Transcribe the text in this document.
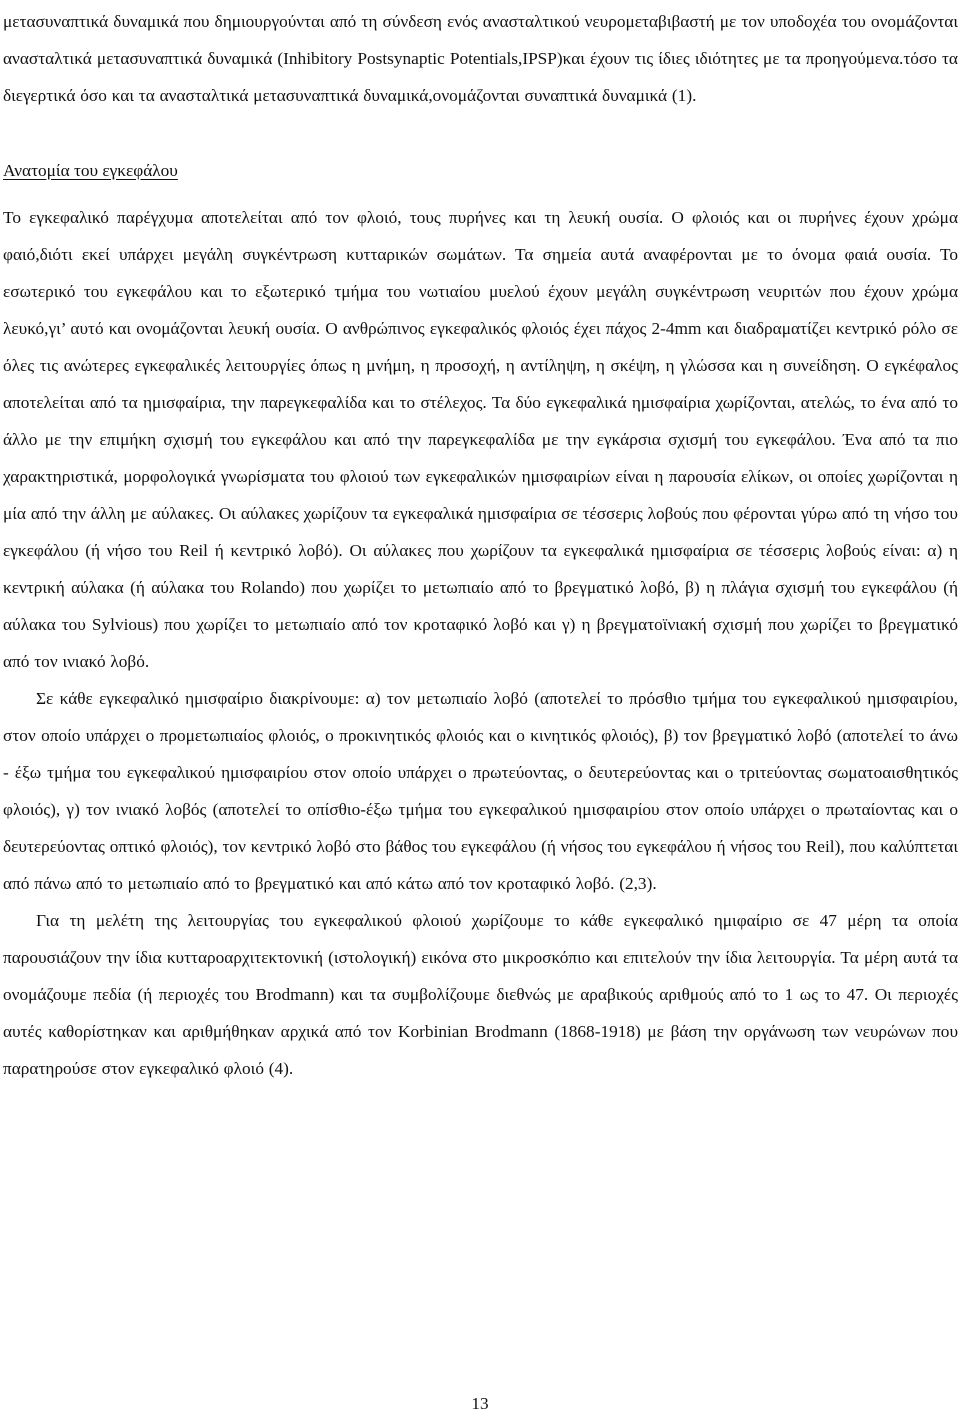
μετασυναπτικά δυναμικά που δημιουργούνται από τη σύνδεση ενός ανασταλτικού νευρομεταβιβαστή με τον υποδοχέα του ονομάζονται ανασταλτικά μετασυναπτικά δυναμικά (Inhibitory Postsynaptic Potentials,IPSP)και έχουν τις ίδιες ιδιότητες με τα προηγούμενα.τόσο τα διεγερτικά όσο και τα ανασταλτικά μετασυναπτικά δυναμικά,ονομάζονται συναπτικά δυναμικά (1).

Ανατομία του εγκεφάλου

Το εγκεφαλικό παρέγχυμα αποτελείται από τον φλοιό, τους πυρήνες και τη λευκή ουσία. Ο φλοιός και οι πυρήνες έχουν χρώμα φαιό,διότι εκεί υπάρχει μεγάλη συγκέντρωση κυτταρικών σωμάτων. Τα σημεία αυτά αναφέρονται με το όνομα φαιά ουσία. Το εσωτερικό του εγκεφάλου και το εξωτερικό τμήμα του νωτιαίου μυελού έχουν μεγάλη συγκέντρωση νευριτών που έχουν χρώμα λευκό,γι’ αυτό και ονομάζονται λευκή ουσία. Ο ανθρώπινος εγκεφαλικός φλοιός έχει πάχος 2-4mm και διαδραματίζει κεντρικό ρόλο σε όλες τις ανώτερες εγκεφαλικές λειτουργίες όπως η μνήμη, η προσοχή, η αντίληψη, η σκέψη, η γλώσσα και η συνείδηση. Ο εγκέφαλος αποτελείται από τα ημισφαίρια, την παρεγκεφαλίδα και το στέλεχος. Τα δύο εγκεφαλικά ημισφαίρια χωρίζονται, ατελώς, το ένα από το άλλο με την επιμήκη σχισμή του εγκεφάλου και από την παρεγκεφαλίδα με την εγκάρσια σχισμή του εγκεφάλου. Ένα από τα πιο χαρακτηριστικά, μορφολογικά γνωρίσματα του φλοιού των εγκεφαλικών ημισφαιρίων είναι η παρουσία ελίκων, οι οποίες χωρίζονται η μία από την άλλη με αύλακες. Οι αύλακες χωρίζουν τα εγκεφαλικά ημισφαίρια σε τέσσερις λοβούς που φέρονται γύρω από τη νήσο του εγκεφάλου (ή νήσο του Reil ή κεντρικό λοβό). Οι αύλακες που χωρίζουν τα εγκεφαλικά ημισφαίρια σε τέσσερις λοβούς είναι: α) η κεντρική αύλακα (ή αύλακα του Rolando) που χωρίζει το μετωπιαίο από το βρεγματικό λοβό, β) η πλάγια σχισμή του εγκεφάλου (ή αύλακα του Sylvious) που χωρίζει το μετωπιαίο από τον κροταφικό λοβό και γ) η βρεγματοϊνιακή σχισμή που χωρίζει το βρεγματικό από τον ινιακό λοβό.

Σε κάθε εγκεφαλικό ημισφαίριο διακρίνουμε: α) τον μετωπιαίο λοβό (αποτελεί το πρόσθιο τμήμα του εγκεφαλικού ημισφαιρίου, στον οποίο υπάρχει ο προμετωπιαίος φλοιός, ο προκινητικός φλοιός και ο κινητικός φλοιός), β) τον βρεγματικό λοβό (αποτελεί το άνω - έξω τμήμα του εγκεφαλικού ημισφαιρίου στον οποίο υπάρχει ο πρωτεύοντας, ο δευτερεύοντας και ο τριτεύοντας σωματοαισθητικός φλοιός), γ) τον ινιακό λοβός (αποτελεί το οπίσθιο-έξω τμήμα του εγκεφαλικού ημισφαιρίου στον οποίο υπάρχει ο πρωταίοντας και ο δευτερεύοντας οπτικό φλοιός), τον κεντρικό λοβό στο βάθος του εγκεφάλου (ή νήσος του εγκεφάλου ή νήσος του Reil), που καλύπτεται από πάνω από το μετωπιαίο από το βρεγματικό και από κάτω από τον κροταφικό λοβό. (2,3).

Για τη μελέτη της λειτουργίας του εγκεφαλικού φλοιού χωρίζουμε το κάθε εγκεφαλικό ημιφαίριο σε 47 μέρη τα οποία παρουσιάζουν την ίδια κυτταροαρχιτεκτονική (ιστολογική) εικόνα στο μικροσκόπιο και επιτελούν την ίδια λειτουργία. Τα μέρη αυτά τα ονομάζουμε πεδία (ή περιοχές του Brodmann) και τα συμβολίζουμε διεθνώς με αραβικούς αριθμούς από το 1 ως το 47. Οι περιοχές αυτές καθορίστηκαν και αριθμήθηκαν αρχικά από τον Korbinian Brodmann (1868-1918) με βάση την οργάνωση των νευρώνων που παρατηρούσε στον εγκεφαλικό φλοιό (4).

13
